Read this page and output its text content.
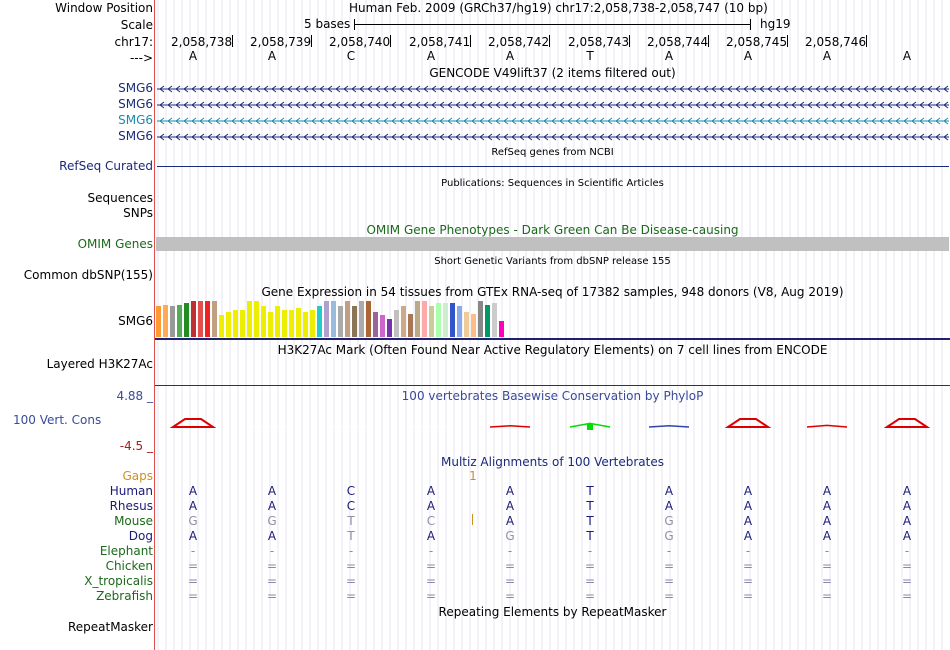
Window Position	Human Feb. 2009 (GRCh37/hg19) chr17:2,058,738-2,058,747 (10 bp)
Scale	5 bases	hg19
chr17: 2,058,738 2,058,739 2,058,740 2,058,741 2,058,742 2,058,743 2,058,744 2,058,745 2,058,746
--->	A	A	C	A	A	T	A	A	A	A
GENCODE V49lift37 (2 items filtered out)
SMG6
SMG6
SMG6
SMG6
RefSeq genes from NCBI
RefSeq Curated
Publications: Sequences in Scientific Articles
Sequences
SNPs
OMIM Gene Phenotypes - Dark Green Can Be Disease-causing
OMIM Genes
Short Genetic Variants from dbSNP release 155
Common dbSNP(155)
Gene Expression in 54 tissues from GTEx RNA-seq of 17382 samples, 948 donors (V8, Aug 2019)
SMG6
H3K27Ac Mark (Often Found Near Active Regulatory Elements) on 7 cell lines from ENCODE
Layered H3K27Ac
100 vertebrates Basewise Conservation by PhyloP
4.88 _
100 Vert. Cons
-4.5 _
Multiz Alignments of 100 Vertebrates
Gaps	1
Human	A	A	C	A	A	T	A	A	A	A
Rhesus	A	A	C	A	A	T	A	A	A	A
Mouse	G	G	T	C	A	T	G	A	A	A
Dog	A	A	T	A	G	T	G	A	A	A
Elephant	-	-	-	-	-	-	-	-	-	-
Chicken	=	=	=	=	=	=	=	=	=	=
X_tropicalis	=	=	=	=	=	=	=	=	=	=
Zebrafish	=	=	=	=	=	=	=	=	=	=
Repeating Elements by RepeatMasker
RepeatMasker
